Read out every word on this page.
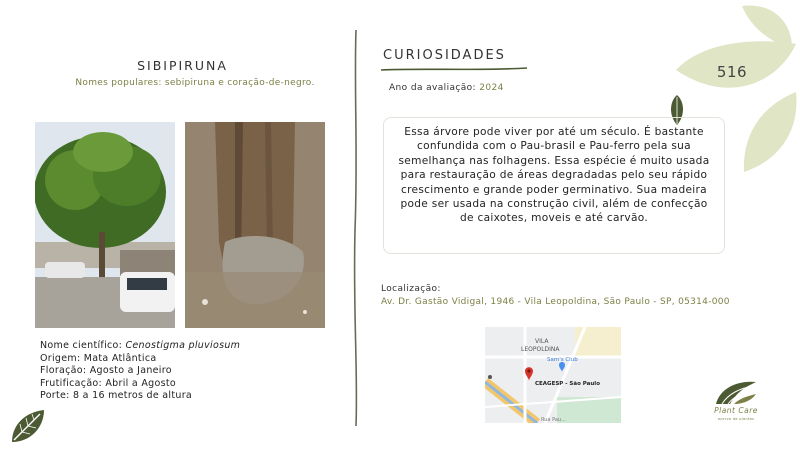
516
SIBIPIRUNA
Nomes populares: sebipiruna e coração-de-negro.
Nome científico: Cenostigma pluviosum
Origem: Mata Atlântica
Floração: Agosto a Janeiro
Frutificação: Abril a Agosto
Porte: 8 a 16 metros de altura
CURIOSIDADES
Ano da avaliação: 2024

Essa árvore pode viver por até um século. É bastante confundida com o Pau-brasil e Pau-ferro pela sua semelhança nas folhagens. Essa espécie é muito usada para restauração de áreas degradadas pelo seu rápido crescimento e grande poder germinativo. Sua madeira pode ser usada na construção civil, além de confecção de caixotes, moveis e até carvão.

Localização:
Av. Dr. Gastão Vidigal, 1946 - Vila Leopoldina, São Paulo - SP, 05314-000
VILA
LEOPOLDINA
Sam's Club
CEAGESP - São Paulo
Rua Pau...
Plant Care
acervo de plantas
